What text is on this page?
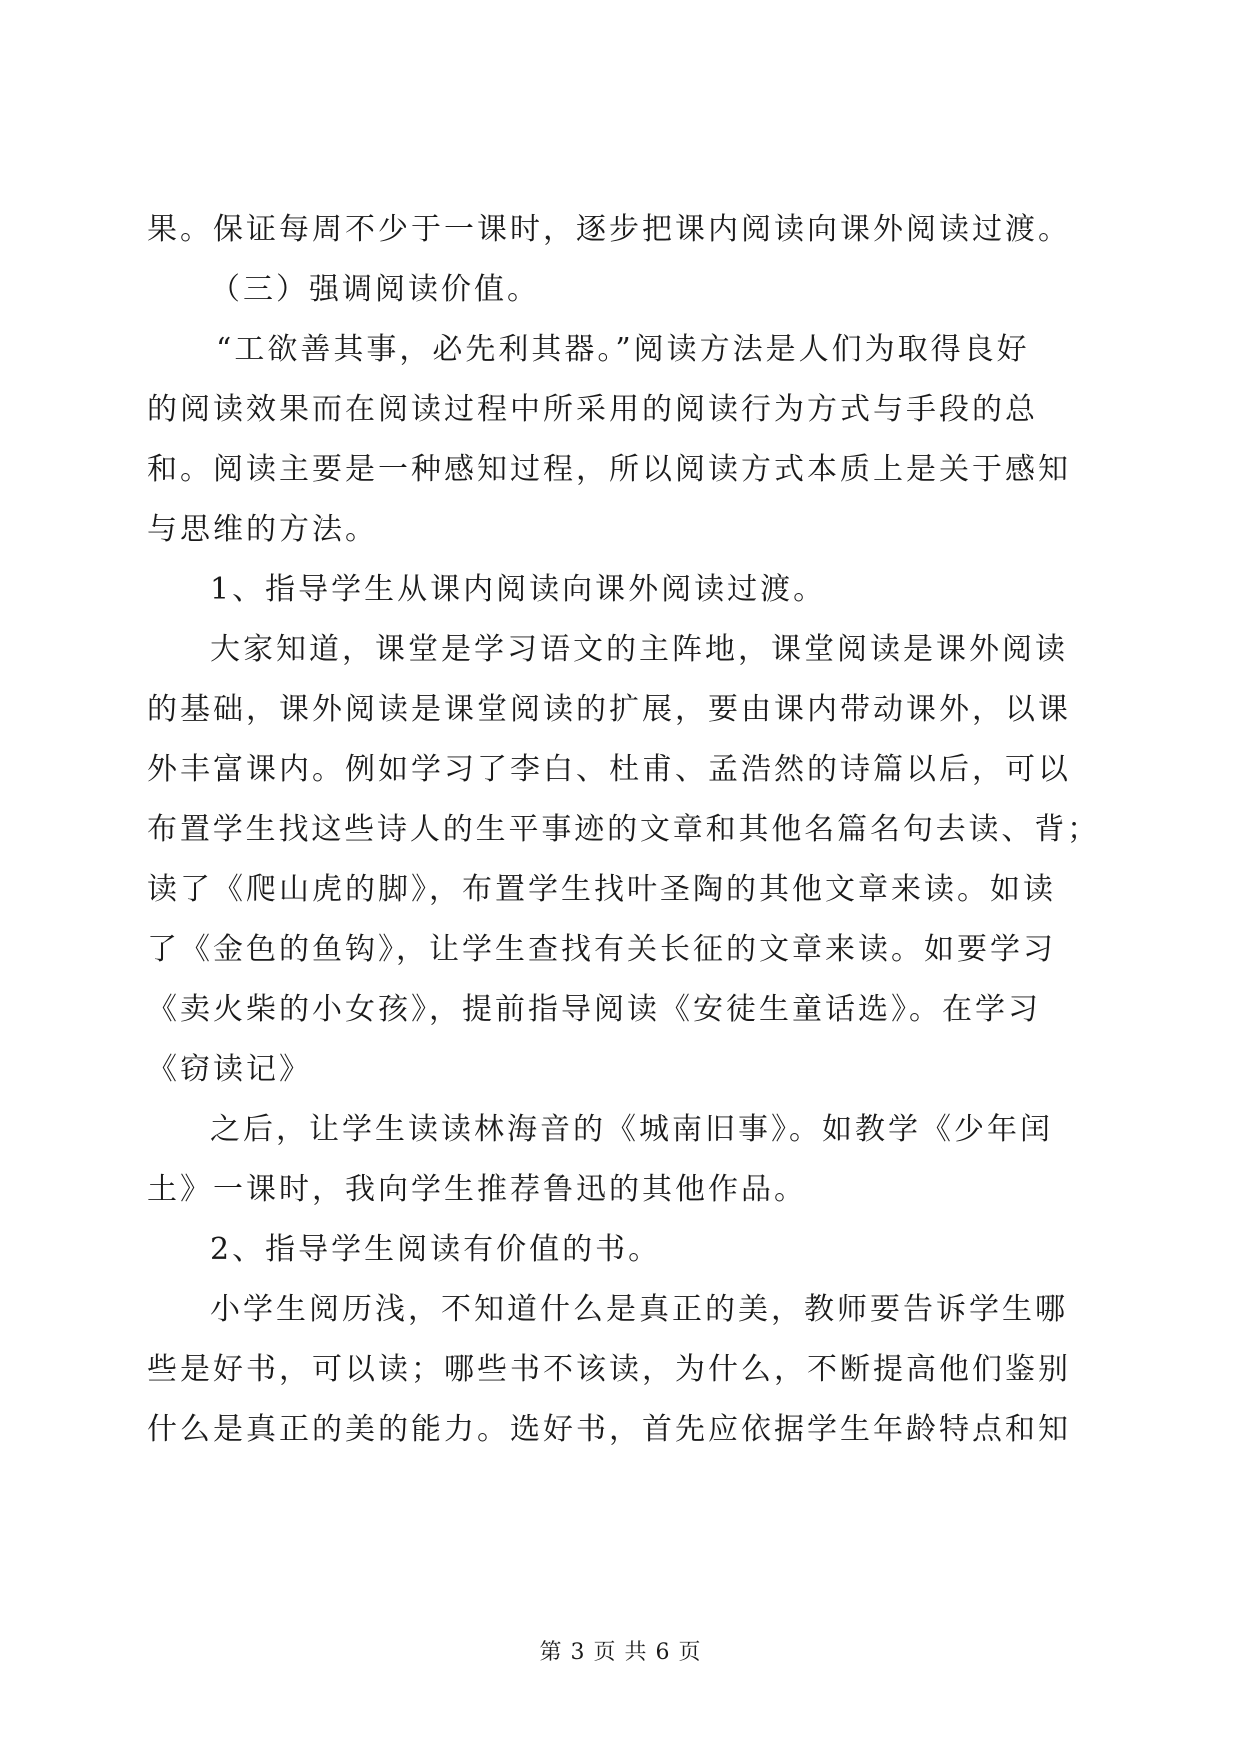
果。保证每周不少于一课时，逐步把课内阅读向课外阅读过渡。
（三）强调阅读价值。
“工欲善其事，必先利其器。”阅读方法是人们为取得良好
的阅读效果而在阅读过程中所采用的阅读行为方式与手段的总
和。阅读主要是一种感知过程，所以阅读方式本质上是关于感知
与思维的方法。
1、指导学生从课内阅读向课外阅读过渡。
大家知道，课堂是学习语文的主阵地，课堂阅读是课外阅读
的基础，课外阅读是课堂阅读的扩展，要由课内带动课外，以课
外丰富课内。例如学习了李白、杜甫、孟浩然的诗篇以后，可以
布置学生找这些诗人的生平事迹的文章和其他名篇名句去读、背；
读了《爬山虎的脚》，布置学生找叶圣陶的其他文章来读。如读
了《金色的鱼钩》，让学生查找有关长征的文章来读。如要学习
《卖火柴的小女孩》，提前指导阅读《安徒生童话选》。在学习
《窃读记》
之后，让学生读读林海音的《城南旧事》。如教学《少年闰
土》一课时，我向学生推荐鲁迅的其他作品。
2、指导学生阅读有价值的书。
小学生阅历浅，不知道什么是真正的美，教师要告诉学生哪
些是好书，可以读；哪些书不该读，为什么，不断提高他们鉴别
什么是真正的美的能力。选好书，首先应依据学生年龄特点和知
第 3 页 共 6 页
